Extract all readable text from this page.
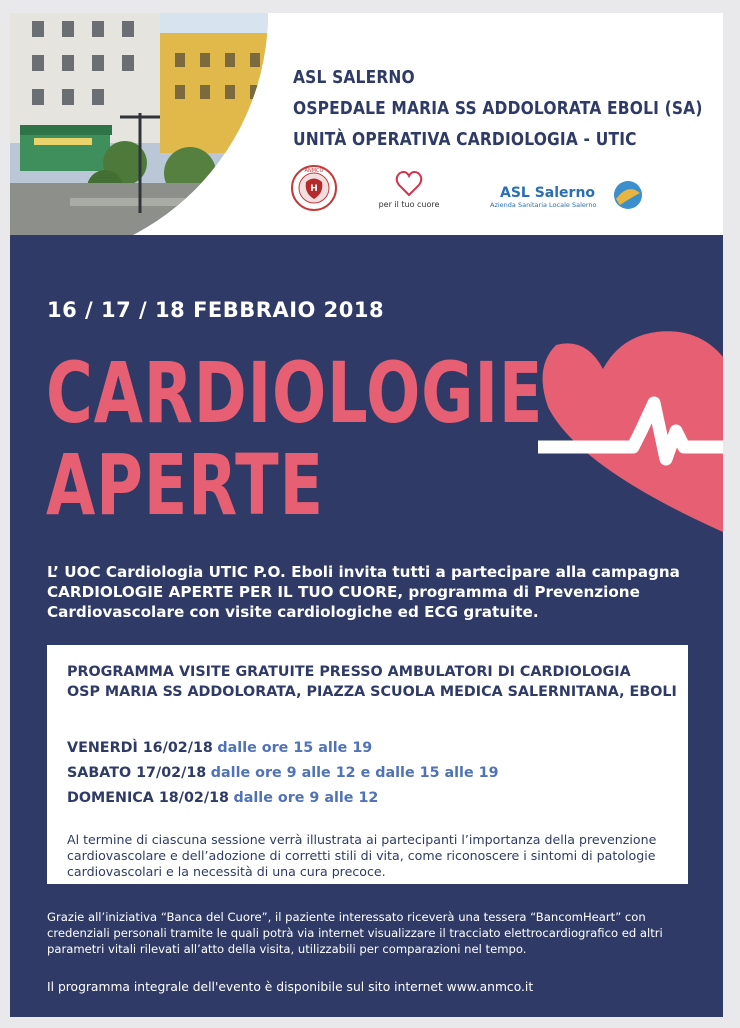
ASL SALERNO
OSPEDALE MARIA SS ADDOLORATA EBOLI (SA)
UNITÀ OPERATIVA CARDIOLOGIA - UTIC
H
ANMCO
per il tuo cuore
ASL Salerno
Azienda Sanitaria Locale Salerno
16 / 17 / 18 FEBBRAIO 2018
CARDIOLOGIE
APERTE
L’ UOC Cardiologia UTIC P.O. Eboli invita tutti a partecipare alla campagna
CARDIOLOGIE APERTE PER IL TUO CUORE, programma di Prevenzione
Cardiovascolare con visite cardiologiche ed ECG gratuite.
PROGRAMMA VISITE GRATUITE PRESSO AMBULATORI DI CARDIOLOGIA
OSP MARIA SS ADDOLORATA, PIAZZA SCUOLA MEDICA SALERNITANA, EBOLI
VENERDÌ 16/02/18 dalle ore 15 alle 19
SABATO 17/02/18 dalle ore 9 alle 12 e dalle 15 alle 19
DOMENICA 18/02/18 dalle ore 9 alle 12
Al termine di ciascuna sessione verrà illustrata ai partecipanti l’importanza della prevenzione
cardiovascolare e dell’adozione di corretti stili di vita, come riconoscere i sintomi di patologie
cardiovascolari e la necessità di una cura precoce.
Grazie all’iniziativa “Banca del Cuore”, il paziente interessato riceverà una tessera “BancomHeart” con
credenziali personali tramite le quali potrà via internet visualizzare il tracciato elettrocardiografico ed altri
parametri vitali rilevati all’atto della visita, utilizzabili per comparazioni nel tempo.
Il programma integrale dell'evento è disponibile sul sito internet www.anmco.it
